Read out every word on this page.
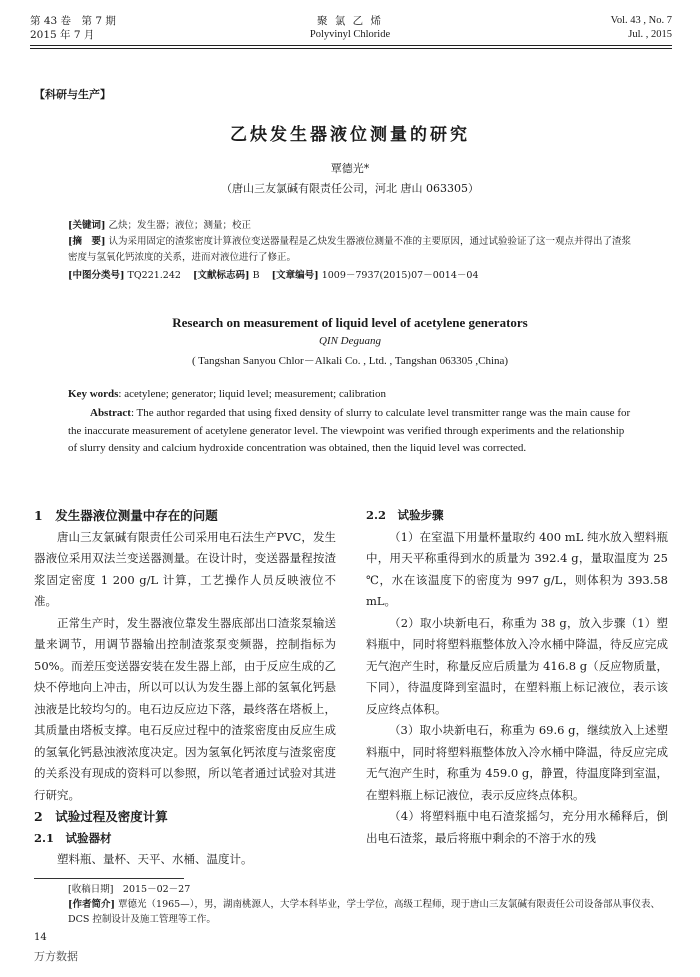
第 43 卷　第 7 期
2015 年 7 月
聚 氯 乙 烯
Polyvinyl Chloride
Vol. 43 , No. 7
Jul. , 2015
【科研与生产】
乙炔发生器液位测量的研究
覃德光*
（唐山三友氯碱有限责任公司，河北 唐山 063305）
[关键词] 乙炔；发生器；液位；测量；校正
[摘　要] 认为采用固定的渣浆密度计算液位变送器量程是乙炔发生器液位测量不准的主要原因，通过试验验证了这一观点并得出了渣浆密度与氢氧化钙浓度的关系，进而对液位进行了修正。
[中图分类号] TQ221.242 [文献标志码] B [文章编号] 1009－7937(2015)07－0014－04
Research on measurement of liquid level of acetylene generators
QIN Deguang
( Tangshan Sanyou Chlor－Alkali Co. , Ltd. , Tangshan 063305 ,China)
Key words: acetylene; generator; liquid level; measurement; calibration
Abstract: The author regarded that using fixed density of slurry to calculate level transmitter range was the main cause for the inaccurate measurement of acetylene generator level. The viewpoint was verified through experiments and the relationship of slurry density and calcium hydroxide concentration was obtained, then the liquid level was corrected.
1　发生器液位测量中存在的问题
唐山三友氯碱有限责任公司采用电石法生产PVC，发生器液位采用双法兰变送器测量。在设计时，变送器量程按渣浆固定密度 1 200 g/L 计算，工艺操作人员反映液位不准。
正常生产时，发生器液位靠发生器底部出口渣浆泵输送量来调节，用调节器输出控制渣浆泵变频器，控制指标为 50%。而差压变送器安装在发生器上部，由于反应生成的乙炔不停地向上冲击，所以可以认为发生器上部的氢氧化钙悬浊液是比较均匀的。电石边反应边下落，最终落在塔板上，其质量由塔板支撑。电石反应过程中的渣浆密度由反应生成的氢氧化钙悬浊液浓度决定。因为氢氧化钙浓度与渣浆密度的关系没有现成的资料可以参照，所以笔者通过试验对其进行研究。
2　试验过程及密度计算
2.1　试验器材
塑料瓶、量杯、天平、水桶、温度计。
2.2　试验步骤
（1）在室温下用量杯量取约 400 mL 纯水放入塑料瓶中，用天平称重得到水的质量为 392.4 g，量取温度为 25 ℃，水在该温度下的密度为 997 g/L，则体积为 393.58 mL。
（2）取小块新电石，称重为 38 g，放入步骤（1）塑料瓶中，同时将塑料瓶整体放入冷水桶中降温，待反应完成无气泡产生时，称量反应后质量为 416.8 g（反应物质量，下同），待温度降到室温时，在塑料瓶上标记液位，表示该反应终点体积。
（3）取小块新电石，称重为 69.6 g，继续放入上述塑料瓶中，同时将塑料瓶整体放入冷水桶中降温，待反应完成无气泡产生时，称重为 459.0 g，静置，待温度降到室温，在塑料瓶上标记液位，表示反应终点体积。
（4）将塑料瓶中电石渣浆摇匀，充分用水稀释后，倒出电石渣浆，最后将瓶中剩余的不溶于水的残
[收稿日期]　2015－02－27
[作者简介] 覃德光（1965—），男，湖南桃源人，大学本科毕业，学士学位，高级工程师，现于唐山三友氯碱有限责任公司设备部从事仪表、DCS 控制设计及施工管理等工作。
14
万方数据
